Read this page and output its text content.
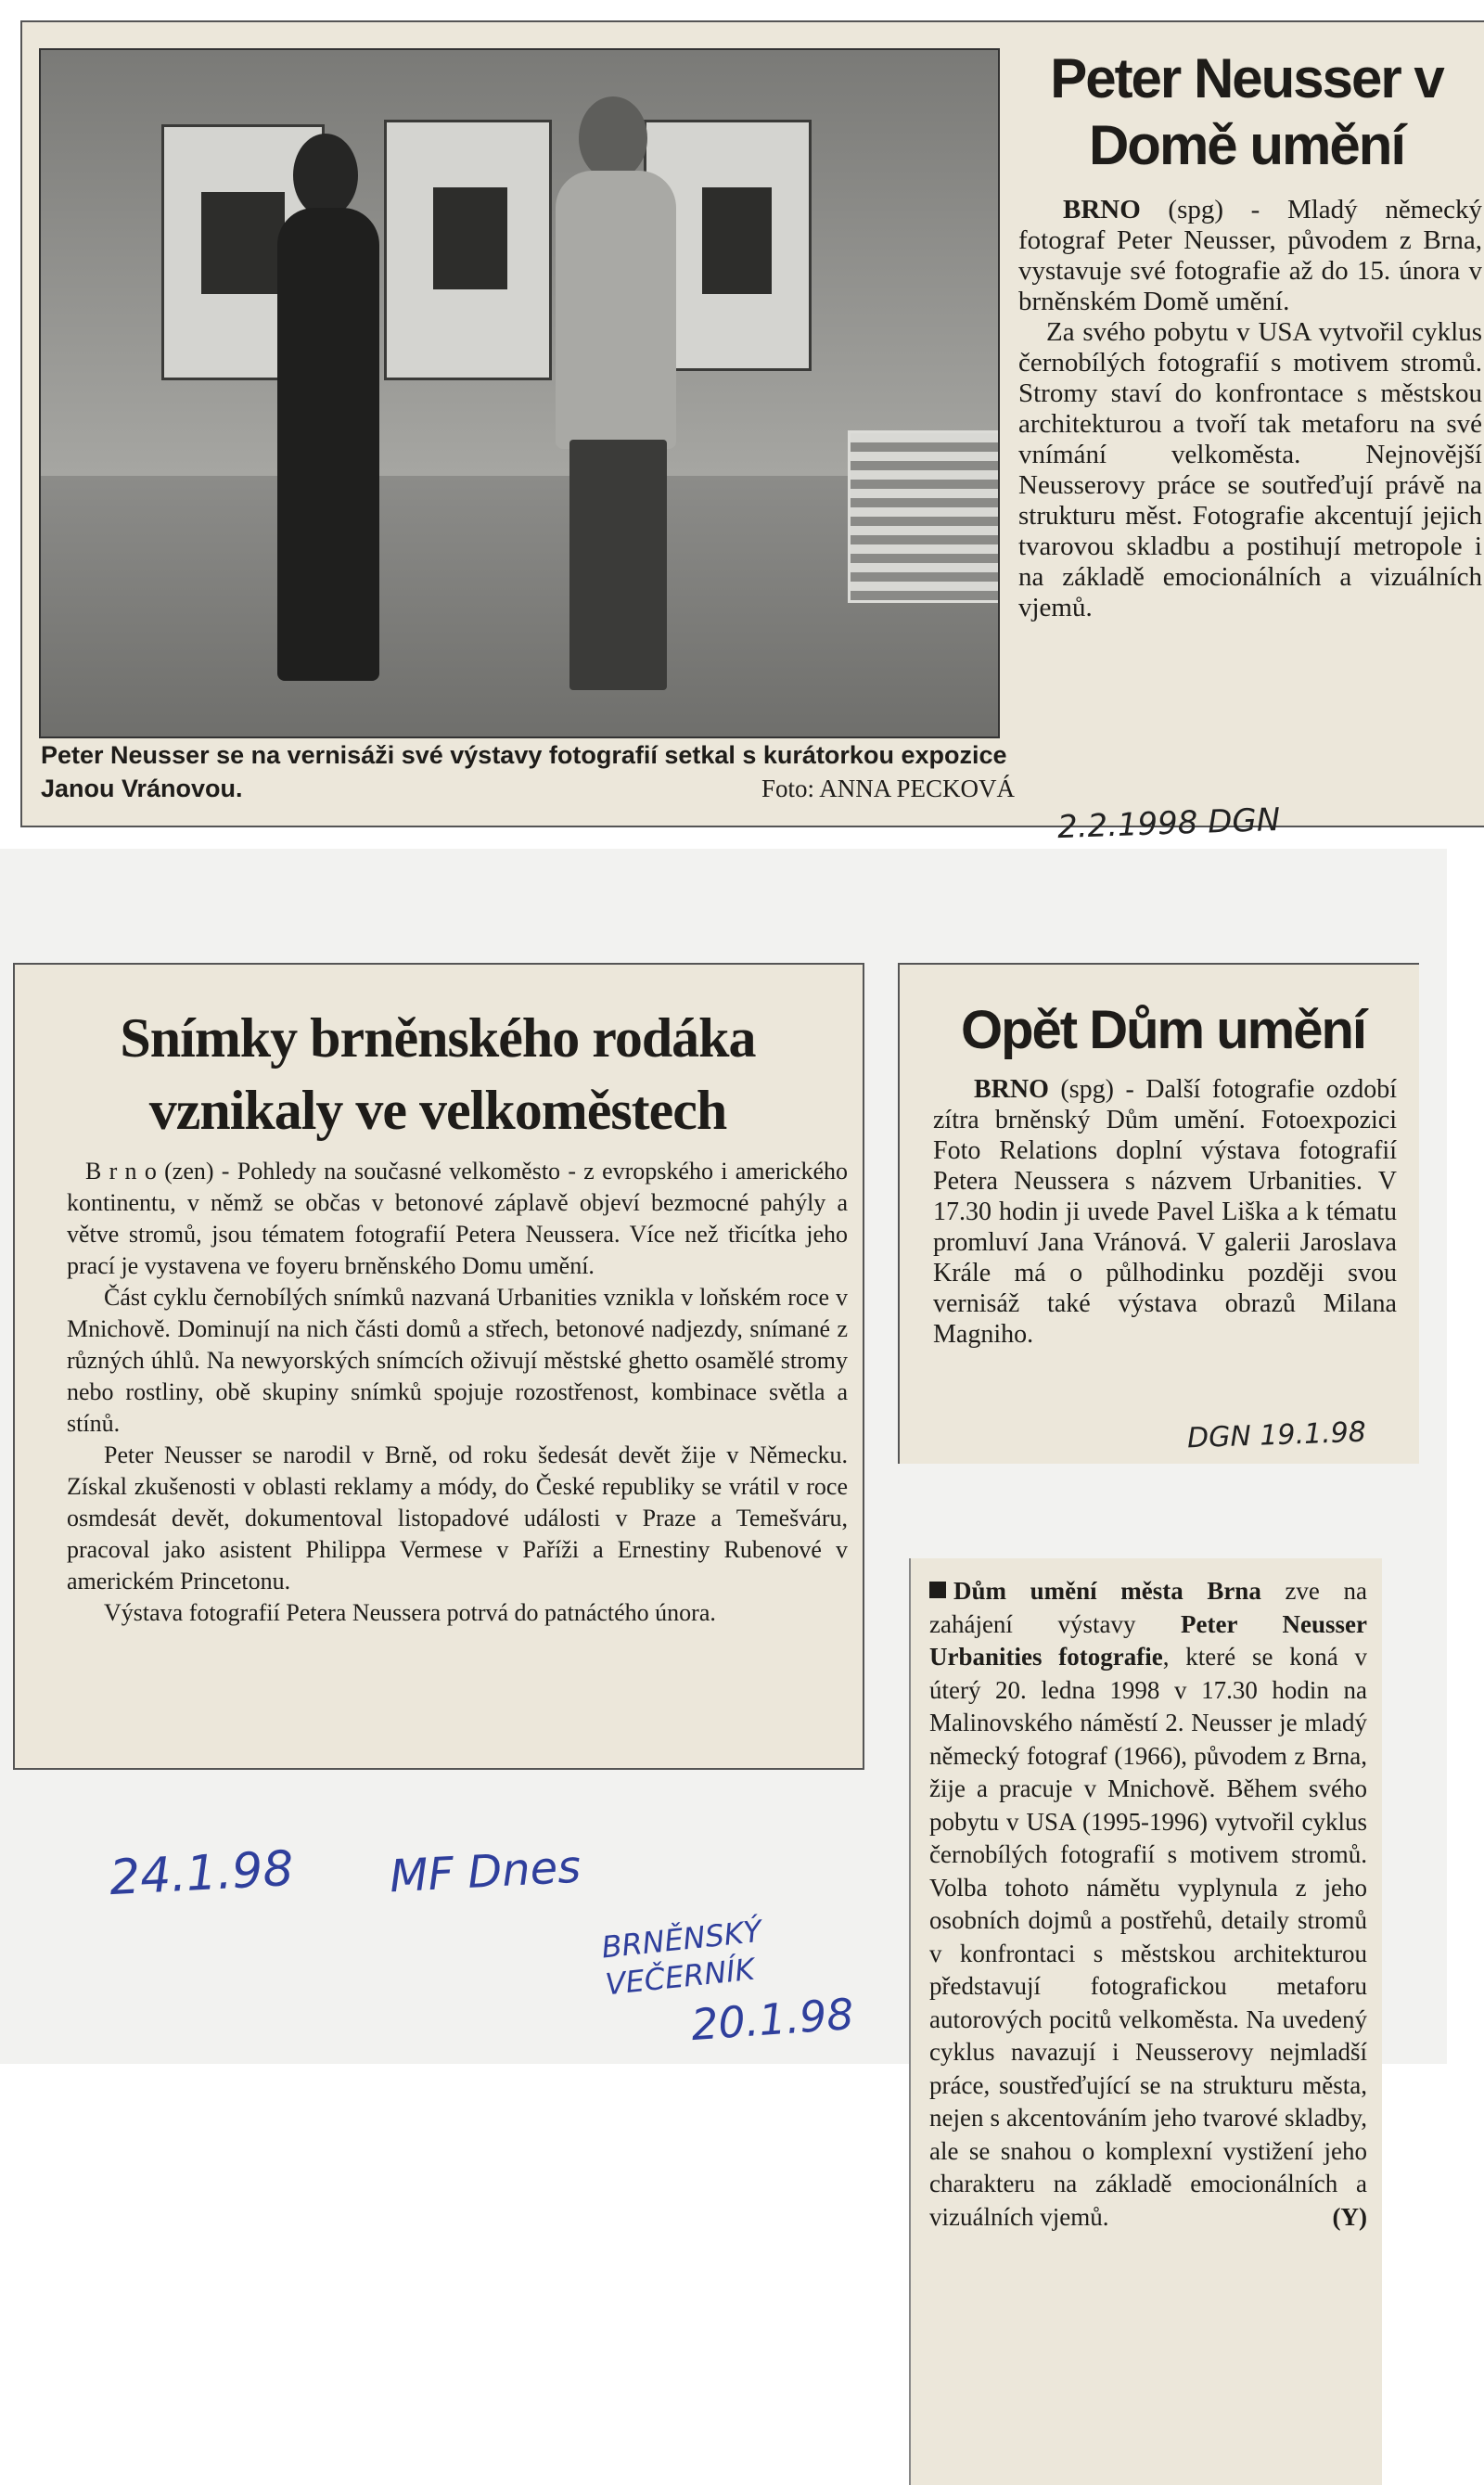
Peter Neusser se na vernisáži své výstavy fotografií setkal s kurátorkou expozice Janou Vránovou.	Foto: ANNA PECKOVÁ
Peter Neusser v Domě umění

BRNO (spg) - Mladý německý fotograf Peter Neusser, původem z Brna, vystavuje své fotografie až do 15. února v brněnském Domě umění.

Za svého pobytu v USA vytvořil cyklus černobílých fotografií s motivem stromů. Stromy staví do konfrontace s městskou architekturou a tvoří tak metaforu na své vnímání velkoměsta. Nejnovější Neusserovy práce se soutřeďují právě na strukturu měst. Fotografie akcentují jejich tvarovou skladbu a postihují metropole i na základě emocionálních a vizuálních vjemů.

2.2.1998 DGN
Snímky brněnského rodáka vznikaly ve velkoměstech

B r n o (zen) - Pohledy na současné velkoměsto - z evropského i amerického kontinentu, v němž se občas v betonové záplavě objeví bezmocné pahýly a větve stromů, jsou tématem fotografií Petera Neussera. Více než třicítka jeho prací je vystavena ve foyeru brněnského Domu umění.

Část cyklu černobílých snímků nazvaná Urbanities vznikla v loňském roce v Mnichově. Dominují na nich části domů a střech, betonové nadjezdy, snímané z různých úhlů. Na newyorských snímcích oživují městské ghetto osamělé stromy nebo rostliny, obě skupiny snímků spojuje rozostřenost, kombinace světla a stínů.

Peter Neusser se narodil v Brně, od roku šedesát devět žije v Německu. Získal zkušenosti v oblasti reklamy a módy, do České republiky se vrátil v roce osmdesát devět, dokumentoval listopadové události v Praze a Temešváru, pracoval jako asistent Philippa Vermese v Paříži a Ernestiny Rubenové v americkém Princetonu.

Výstava fotografií Petera Neussera potrvá do patnáctého února.

24.1.98 MF Dnes
Opět Dům umění

BRNO (spg) - Další fotografie ozdobí zítra brněnský Dům umění. Fotoexpozici Foto Relations doplní výstava fotografií Petera Neussera s názvem Urbanities. V 17.30 hodin ji uvede Pavel Liška a k tématu promluví Jana Vránová. V galerii Jaroslava Krále má o půlhodinku později svou vernisáž také výstava obrazů Milana Magniho.

DGN 19.1.98

Dům umění města Brna zve na zahájení výstavy Peter Neusser Urbanities fotografie, které se koná v úterý 20. ledna 1998 v 17.30 hodin na Malinovského náměstí 2. Neusser je mladý německý fotograf (1966), původem z Brna, žije a pracuje v Mnichově. Během svého pobytu v USA (1995-1996) vytvořil cyklus černobílých fotografií s motivem stromů. Volba tohoto námětu vyplynula z jeho osobních dojmů a postřehů, detaily stromů v konfrontaci s městskou architekturou představují fotografickou metaforu autorových pocitů velkoměsta. Na uvedený cyklus navazují i Neusserovy nejmladší práce, soustřeďující se na strukturu města, nejen s akcentováním jeho tvarové skladby, ale se snahou o komplexní vystižení jeho charakteru na základě emocionálních a vizuálních vjemů.	(Y)

BRNĚNSKÝ VEČERNÍK
20.1.98
